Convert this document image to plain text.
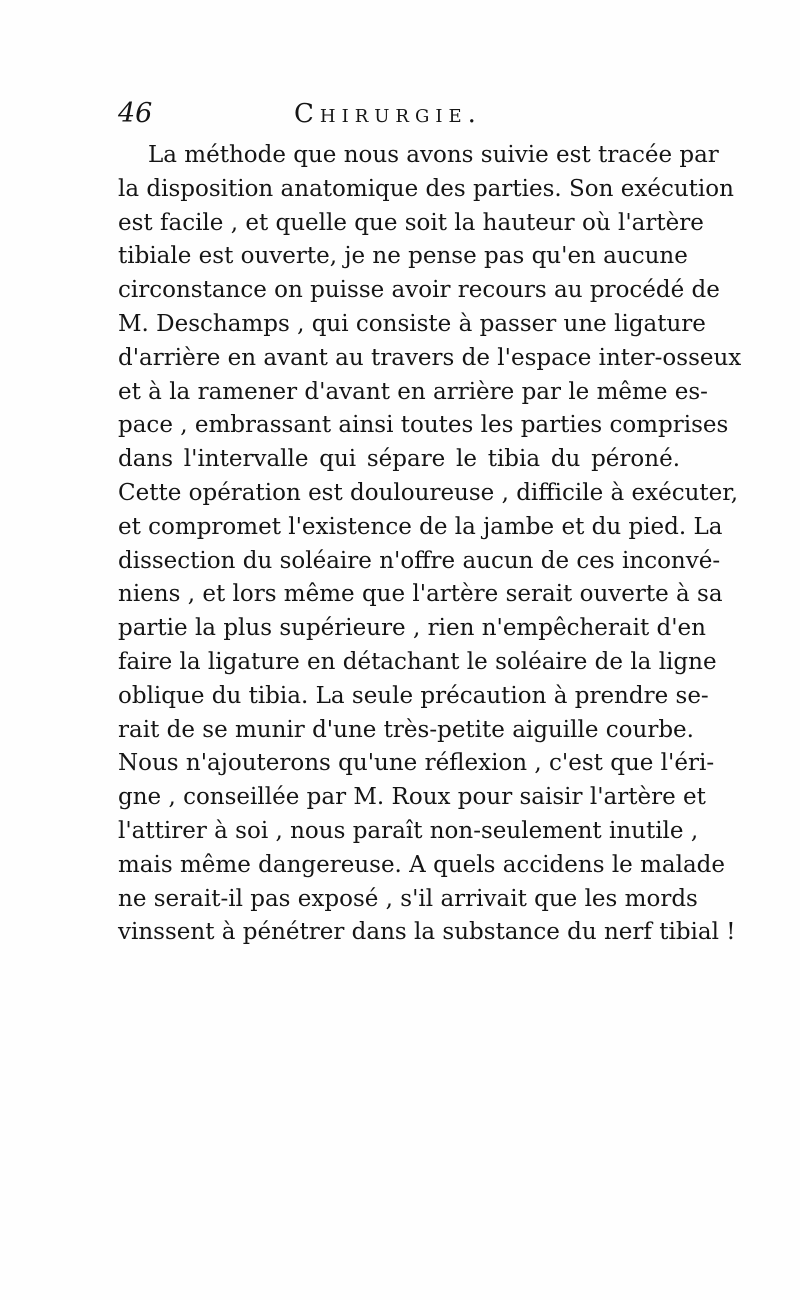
46	Chirurgie.
La méthode que nous avons suivie est tracée par
la disposition anatomique des parties. Son exécution
est facile , et quelle que soit la hauteur où l'artère
tibiale est ouverte, je ne pense pas qu'en aucune
circonstance on puisse avoir recours au procédé de
M. Deschamps , qui consiste à passer une ligature
d'arrière en avant au travers de l'espace inter-osseux
et à la ramener d'avant en arrière par le même es-
pace , embrassant ainsi toutes les parties comprises
dans l'intervalle qui sépare le tibia du péroné.
Cette opération est douloureuse , difficile à exécuter,
et compromet l'existence de la jambe et du pied. La
dissection du soléaire n'offre aucun de ces inconvé-
niens , et lors même que l'artère serait ouverte à sa
partie la plus supérieure , rien n'empêcherait d'en
faire la ligature en détachant le soléaire de la ligne
oblique du tibia. La seule précaution à prendre se-
rait de se munir d'une très-petite aiguille courbe.
Nous n'ajouterons qu'une réflexion , c'est que l'éri-
gne , conseillée par M. Roux pour saisir l'artère et
l'attirer à soi , nous paraît non-seulement inutile ,
mais même dangereuse. A quels accidens le malade
ne serait-il pas exposé , s'il arrivait que les mords
vinssent à pénétrer dans la substance du nerf tibial !
